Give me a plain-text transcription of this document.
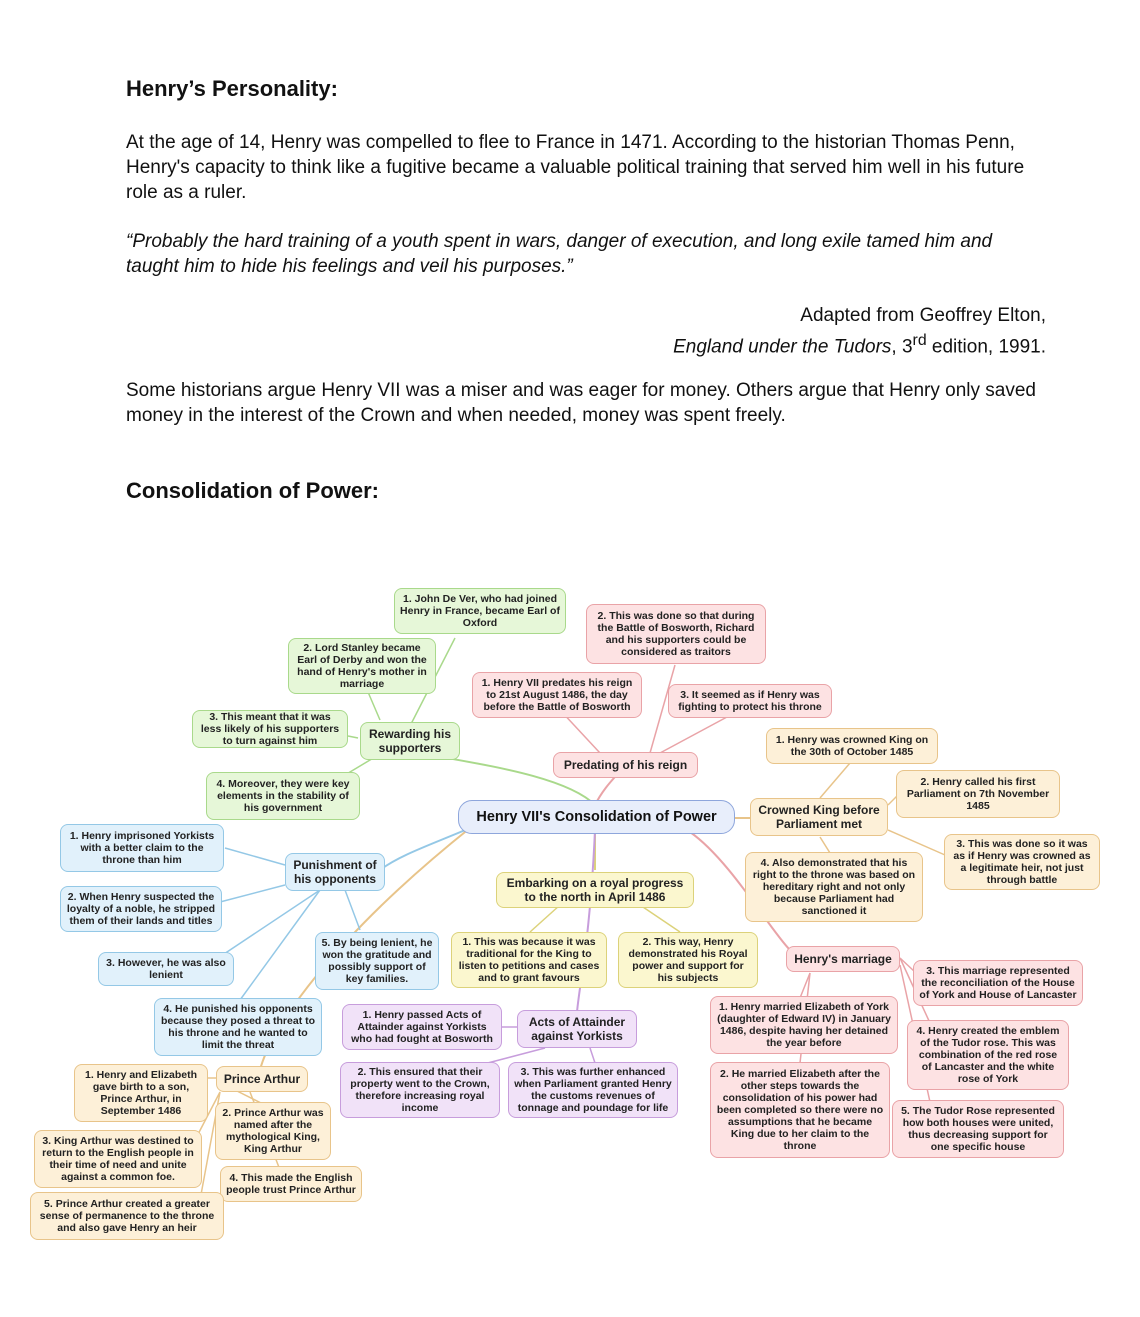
Henry’s Personality:

At the age of 14, Henry was compelled to flee to France in 1471. According to the historian Thomas Penn, Henry's capacity to think like a fugitive became a valuable political training that served him well in his future role as a ruler.

“Probably the hard training of a youth spent in wars, danger of execution, and long exile tamed him and taught him to hide his feelings and veil his purposes.”

Adapted from Geoffrey Elton,
England under the Tudors, 3rd edition, 1991.

Some historians argue Henry VII was a miser and was eager for money. Others argue that Henry only saved money in the interest of the Crown and when needed, money was spent freely.

Consolidation of Power:
Henry VII's Consolidation of Power
Rewarding his supporters
1. John De Ver, who had joined Henry in France, became Earl of Oxford
2. Lord Stanley became Earl of Derby and won the hand of Henry's mother in marriage
3. This meant that it was less likely of his supporters to turn against him
4. Moreover, they were key elements in the stability of his government
Predating of his reign
1. Henry VII predates his reign to 21st August 1486, the day before the Battle of Bosworth
2. This was done so that during the Battle of Bosworth, Richard and his supporters could be considered as traitors
3. It seemed as if Henry was fighting to protect his throne
Crowned King before Parliament met
1. Henry was crowned King on the 30th of October 1485
2. Henry called his first Parliament on 7th November 1485
3. This was done so it was as if Henry was crowned as a legitimate heir, not just through battle
4. Also demonstrated that his right to the throne was based on hereditary right and not only because Parliament had sanctioned it
Punishment of his opponents
1. Henry imprisoned Yorkists with a better claim to the throne than him
2. When Henry suspected the loyalty of a noble, he stripped them of their lands and titles
3. However, he was also lenient
4. He punished his opponents because they posed a threat to his throne and he wanted to limit the threat
5. By being lenient, he won the gratitude and possibly support of key families.
Embarking on a royal progress to the north in April 1486
1. This was because it was traditional for the King to listen to petitions and cases and to grant favours
2. This way, Henry demonstrated his Royal power and support for his subjects
Henry's marriage
1. Henry married Elizabeth of York (daughter of Edward IV) in January 1486, despite having her detained the year before
2. He married Elizabeth after the other steps towards the consolidation of his power had been completed so there were no assumptions that he became King due to her claim to the throne
3. This marriage represented the reconciliation of the House of York and House of Lancaster
4. Henry created the emblem of the Tudor rose. This was combination of the red rose of Lancaster and the white rose of York
5. The Tudor Rose represented how both houses were united, thus decreasing support for one specific house
Acts of Attainder against Yorkists
1. Henry passed Acts of Attainder against Yorkists who had fought at Bosworth
2. This ensured that their property went to the Crown, therefore increasing royal income
3. This was further enhanced when Parliament granted Henry the customs revenues of tonnage and poundage for life
Prince Arthur
1. Henry and Elizabeth gave birth to a son, Prince Arthur, in September 1486	2. Prince Arthur was named after the mythological King, King Arthur
3. King Arthur was destined to return to the English people in their time of need and unite against a common foe.	4. This made the English people trust Prince Arthur
5. Prince Arthur created a greater sense of permanence to the throne and also gave Henry an heir
